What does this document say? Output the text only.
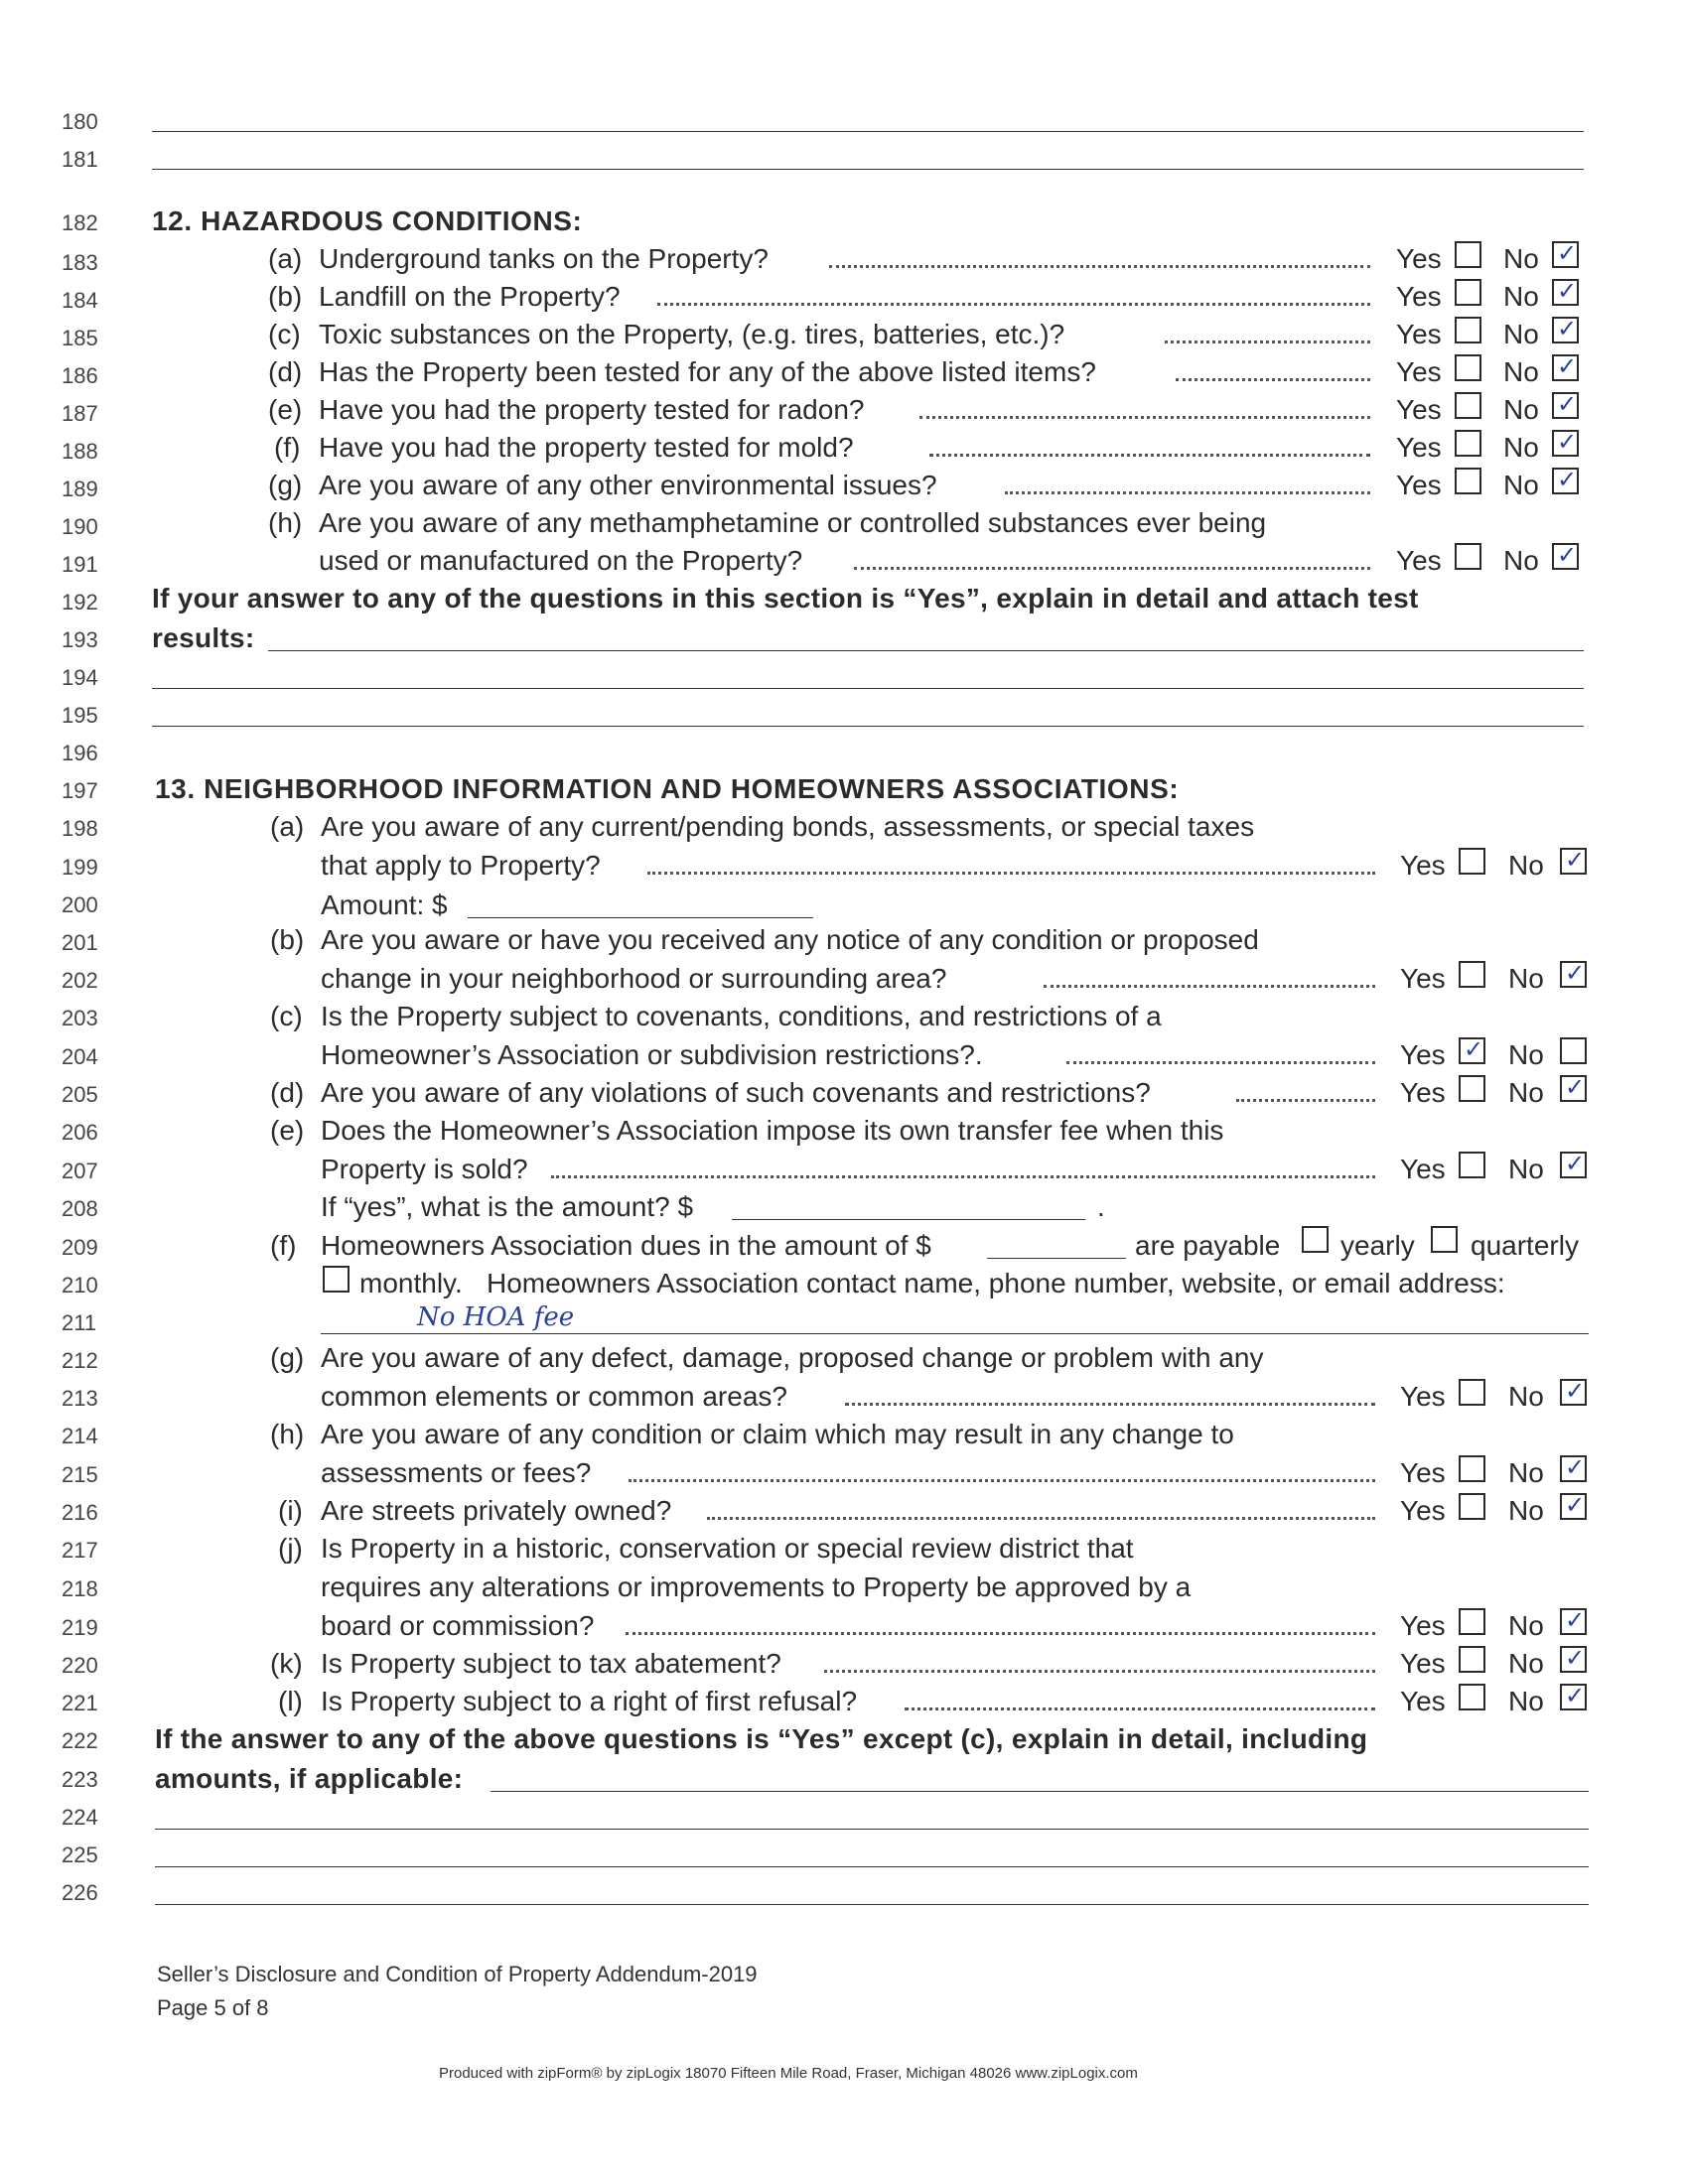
180
181
182
183
184
185
186
187
188
189
190
191
192
193
194
195
196
197
198
199
200
201
202
203
204
205
206
207
208
209
210
211
212
213
214
215
216
217
218
219
220
221
222
223
224
225
226
12. HAZARDOUS CONDITIONS:
(a) Underground tanks on the Property?	Yes No
✓
(b) Landfill on the Property?	Yes No
✓
(c) Toxic substances on the Property, (e.g. tires, batteries, etc.)?	Yes No
✓
(d) Has the Property been tested for any of the above listed items?	Yes No
✓
(e) Have you had the property tested for radon?	Yes No
✓
(f) Have you had the property tested for mold?	Yes No
✓
(g) Are you aware of any other environmental issues?	Yes No
✓
(h) Are you aware of any methamphetamine or controlled substances ever being
used or manufactured on the Property?	Yes No
✓
If your answer to any of the questions in this section is “Yes”, explain in detail and attach test
results:
13. NEIGHBORHOOD INFORMATION AND HOMEOWNERS ASSOCIATIONS:
(a) Are you aware of any current/pending bonds, assessments, or special taxes
that apply to Property?
Amount: $
(b) Are you aware or have you received any notice of any condition or proposed
change in your neighborhood or surrounding area?
(c) Is the Property subject to covenants, conditions, and restrictions of a
Homeowner’s Association or subdivision restrictions?.
(d) Are you aware of any violations of such covenants and restrictions?
(e) Does the Homeowner’s Association impose its own transfer fee when this
Property is sold?
If “yes”, what is the amount? $	.
(f) Homeowners Association dues in the amount of $	are payable yearly quarterly
monthly. Homeowners Association contact name, phone number, website, or email address:
No HOA fee
(g) Are you aware of any defect, damage, proposed change or problem with any
common elements or common areas?
(h) Are you aware of any condition or claim which may result in any change to
assessments or fees?
(i) Are streets privately owned?
(j) Is Property in a historic, conservation or special review district that
requires any alterations or improvements to Property be approved by a
board or commission?
(k) Is Property subject to tax abatement?
(l) Is Property subject to a right of first refusal?
Yes No
✓
Yes No
✓
Yes
✓ No
Yes No
✓
Yes No
✓
Yes No
✓
Yes No
✓
Yes No
✓
Yes No
✓
Yes No
✓
Yes No
✓
If the answer to any of the above questions is “Yes” except (c), explain in detail, including
amounts, if applicable:
Seller’s Disclosure and Condition of Property Addendum-2019
Page 5 of 8
Produced with zipForm® by zipLogix 18070 Fifteen Mile Road, Fraser, Michigan 48026 www.zipLogix.com
